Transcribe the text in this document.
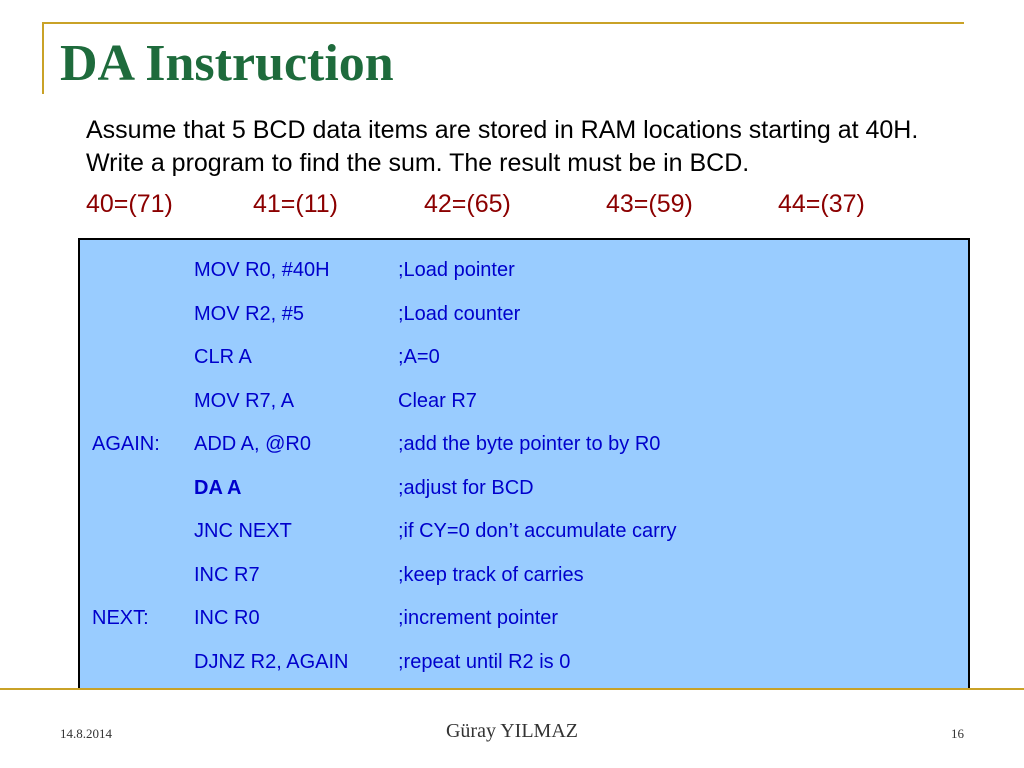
DA Instruction
Assume that 5 BCD data items are stored in RAM locations starting at 40H. Write a program to find the sum. The result must be in BCD.
40=(71)	41=(11)	42=(65)	43=(59)	44=(37)
MOV R0, #40H	;Load pointer
MOV R2, #5	;Load counter
CLR A	;A=0
MOV R7, A	Clear R7
AGAIN: ADD A, @R0	;add the byte pointer to by R0
DA A	;adjust for BCD
JNC NEXT	;if CY=0 don’t accumulate carry
INC R7	;keep track of carries
NEXT: INC R0	;increment pointer
DJNZ R2, AGAIN ;repeat until R2 is 0
14.8.2014	Güray YILMAZ	16
